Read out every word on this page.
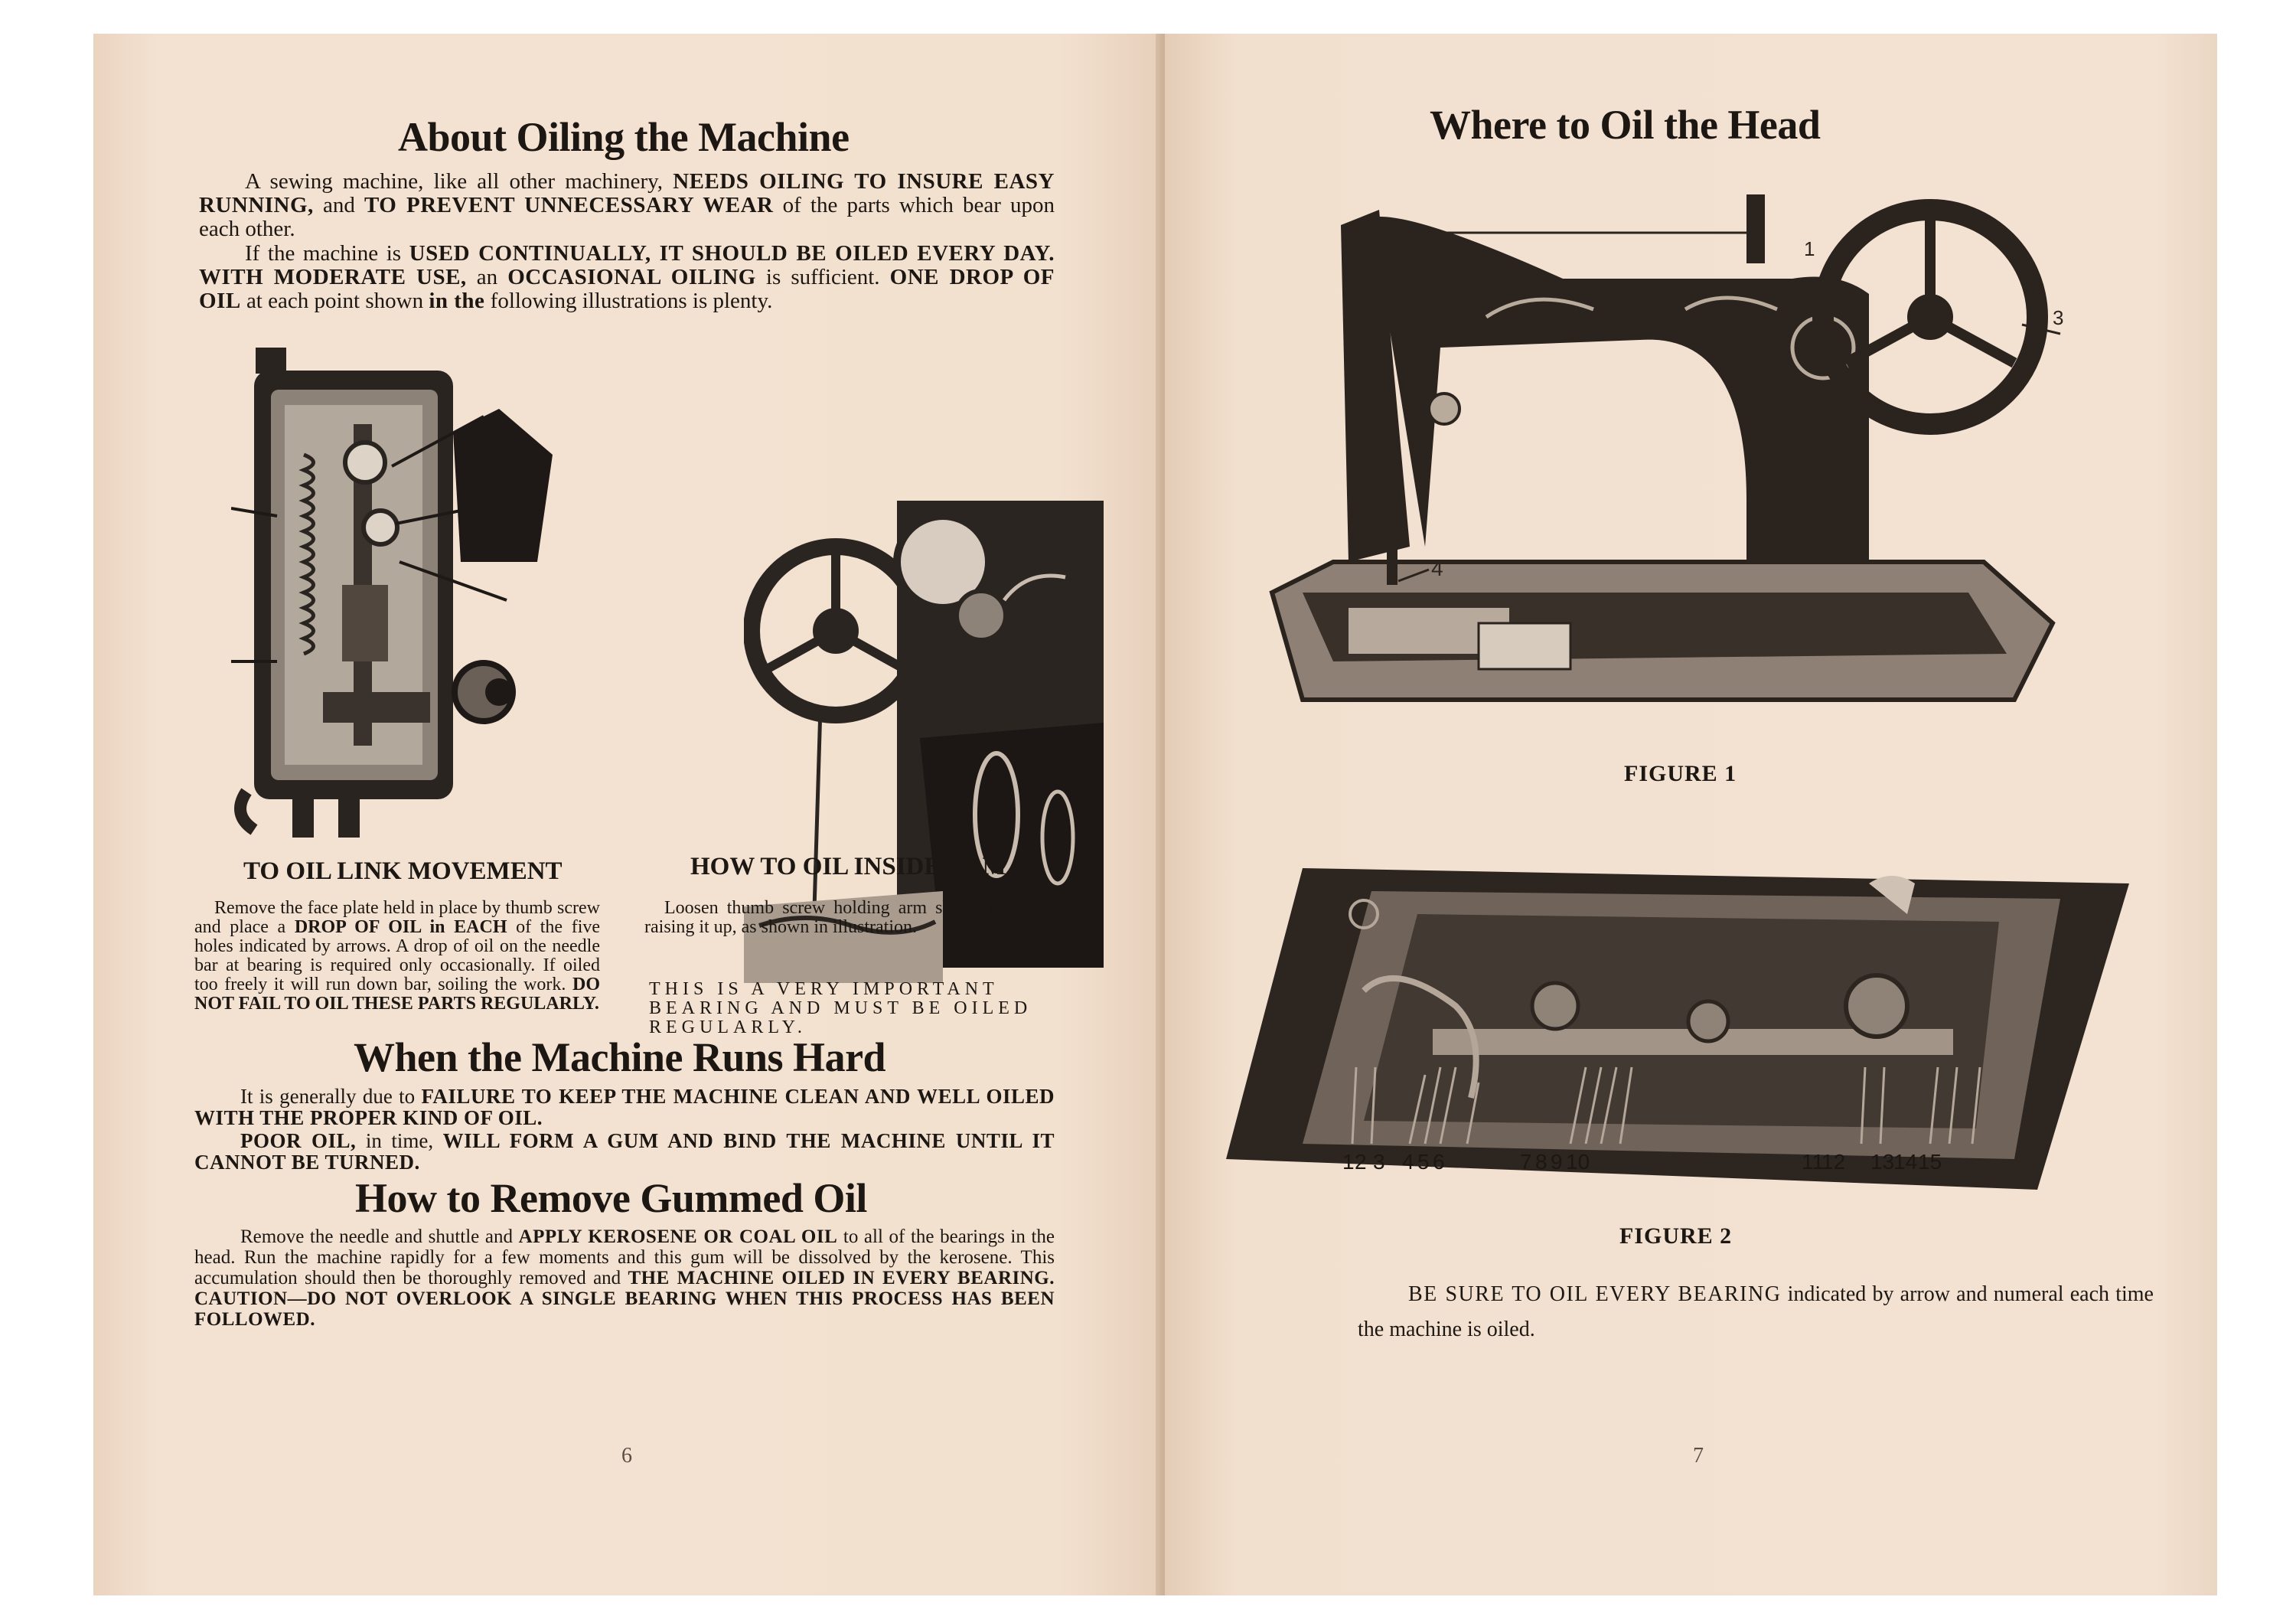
About Oiling the Machine
A sewing machine, like all other machinery, NEEDS OILING TO INSURE EASY RUNNING, and TO PREVENT UNNECESSARY WEAR of the parts which bear upon each other.
If the machine is USED CONTINUALLY, IT SHOULD BE OILED EVERY DAY. WITH MODERATE USE, an OCCASIONAL OILING is sufficient. ONE DROP OF OIL at each point shown in the following illustrations is plenty.
TO OIL LINK MOVEMENT	HOW TO OIL INSIDE ARM
Remove the face plate held in place by thumb screw and place a DROP OF OIL in EACH of the five holes indicated by arrows. A drop of oil on the needle bar at bearing is required only occasionally. If oiled too freely it will run down bar, soiling the work. DO NOT FAIL TO OIL THESE PARTS REGULARLY.
Loosen thumb screw holding arm shield in place, raising it up, as shown in illustration.
THIS IS A VERY IMPORTANT BEARING AND MUST BE OILED REGULARLY.
When the Machine Runs Hard
It is generally due to FAILURE TO KEEP THE MACHINE CLEAN AND WELL OILED WITH THE PROPER KIND OF OIL.
POOR OIL, in time, WILL FORM A GUM AND BIND THE MACHINE UNTIL IT CANNOT BE TURNED.
How to Remove Gummed Oil
Remove the needle and shuttle and APPLY KEROSENE OR COAL OIL to all of the bearings in the head. Run the machine rapidly for a few moments and this gum will be dissolved by the kerosene. This accumulation should then be thoroughly removed and THE MACHINE OILED IN EVERY BEARING. CAUTION—DO NOT OVERLOOK A SINGLE BEARING WHEN THIS PROCESS HAS BEEN FOLLOWED.
6
Where to Oil the Head
2	1
3
4
FIGURE 1
1 2 3 4 5 6	7 8 9 10	11
12 13
14 15
FIGURE 2
BE SURE TO OIL EVERY BEARING indicated by arrow and numeral each time the machine is oiled.
7
